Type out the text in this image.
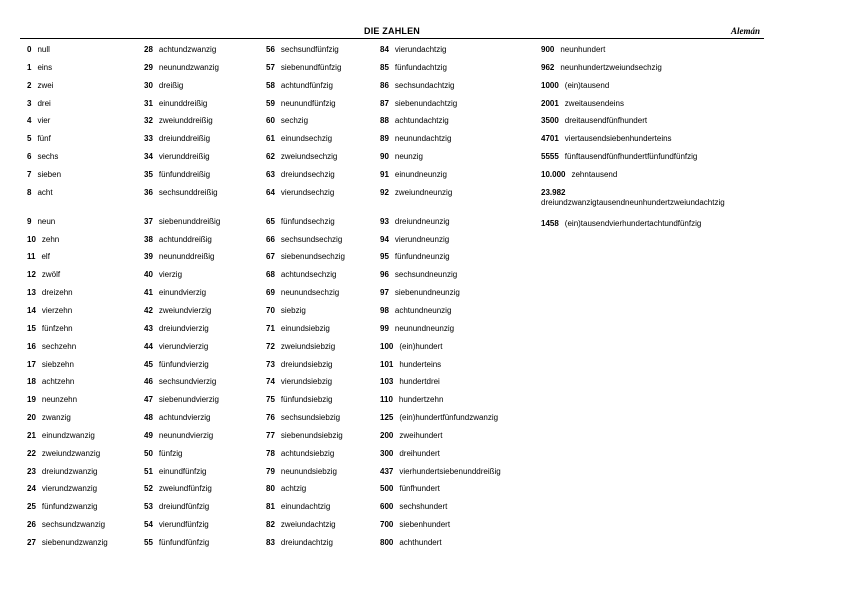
DIE ZAHLEN	Alemán
0 null
1 eins
2 zwei
3 drei
4 vier
5 fünf
6 sechs
7 sieben
8 acht
9 neun
10 zehn
11 elf
12 zwölf
13 dreizehn
14 vierzehn
15 fünfzehn
16 sechzehn
17 siebzehn
18 achtzehn
19 neunzehn
20 zwanzig
21 einundzwanzig
22 zweiundzwanzig
23 dreiundzwanzig
24 vierundzwanzig
25 fünfundzwanzig
26 sechsundzwanzig
27 siebenundzwanzig
28 achtundzwanzig
29 neunundzwanzig
30 dreißig
31 einunddreißig
32 zweiunddreißig
33 dreiunddreißig
34 vierunddreißig
35 fünfunddreißig
36 sechsunddreißig
37 siebenunddreißig
38 achtunddreißig
39 neununddreißig
40 vierzig
41 einundvierzig
42 zweiundvierzig
43 dreiundvierzig
44 vierundvierzig
45 fünfundvierzig
46 sechsundvierzig
47 siebenundvierzig
48 achtundvierzig
49 neunundvierzig
50 fünfzig
51 einundfünfzig
52 zweiundfünfzig
53 dreiundfünfzig
54 vierundfünfzig
55 fünfundfünfzig
56 sechsundfünfzig
57 siebenundfünfzig
58 achtundfünfzig
59 neunundfünfzig
60 sechzig
61 einundsechzig
62 zweiundsechzig
63 dreiundsechzig
64 vierundsechzig
65 fünfundsechzig
66 sechsundsechzig
67 siebenundsechzig
68 achtundsechzig
69 neunundsechzig
70 siebzig
71 einundsiebzig
72 zweiundsiebzig
73 dreiundsiebzig
74 vierundsiebzig
75 fünfundsiebzig
76 sechsundsiebzig
77 siebenundsiebzig
78 achtundsiebzig
79 neunundsiebzig
80 achtzig
81 einundachtzig
82 zweiundachtzig
83 dreiundachtzig
84 vierundachtzig
85 fünfundachtzig
86 sechsundachtzig
87 siebenundachtzig
88 achtundachtzig
89 neunundachtzig
90 neunzig
91 einundneunzig
92 zweiundneunzig
93 dreiundneunzig
94 vierundneunzig
95 fünfundneunzig
96 sechsundneunzig
97 siebenundneunzig
98 achtundneunzig
99 neunundneunzig
100 (ein)hundert
101 hunderteins
103 hundertdrei
110 hundertzehn
125 (ein)hundertfünfundzwanzig
200 zweihundert
300 dreihundert
437 vierhundertsiebenunddreißig
500 fünfhundert
600 sechshundert
700 siebenhundert
800 achthundert
900 neunhundert
962 neunhundertzweiundsechzig
1000 (ein)tausend
2001 zweitausendeins
3500 dreitausendfünfhundert
4701 viertausendsiebenhunderteins
5555 fünftausendfünfhundertfünfundfünfzig
10.000 zehntausend
23.982
dreiundzwanzigtausendneunhundertzweiundachtzig
1458 (ein)tausendvierhundertachtundfünfzig
